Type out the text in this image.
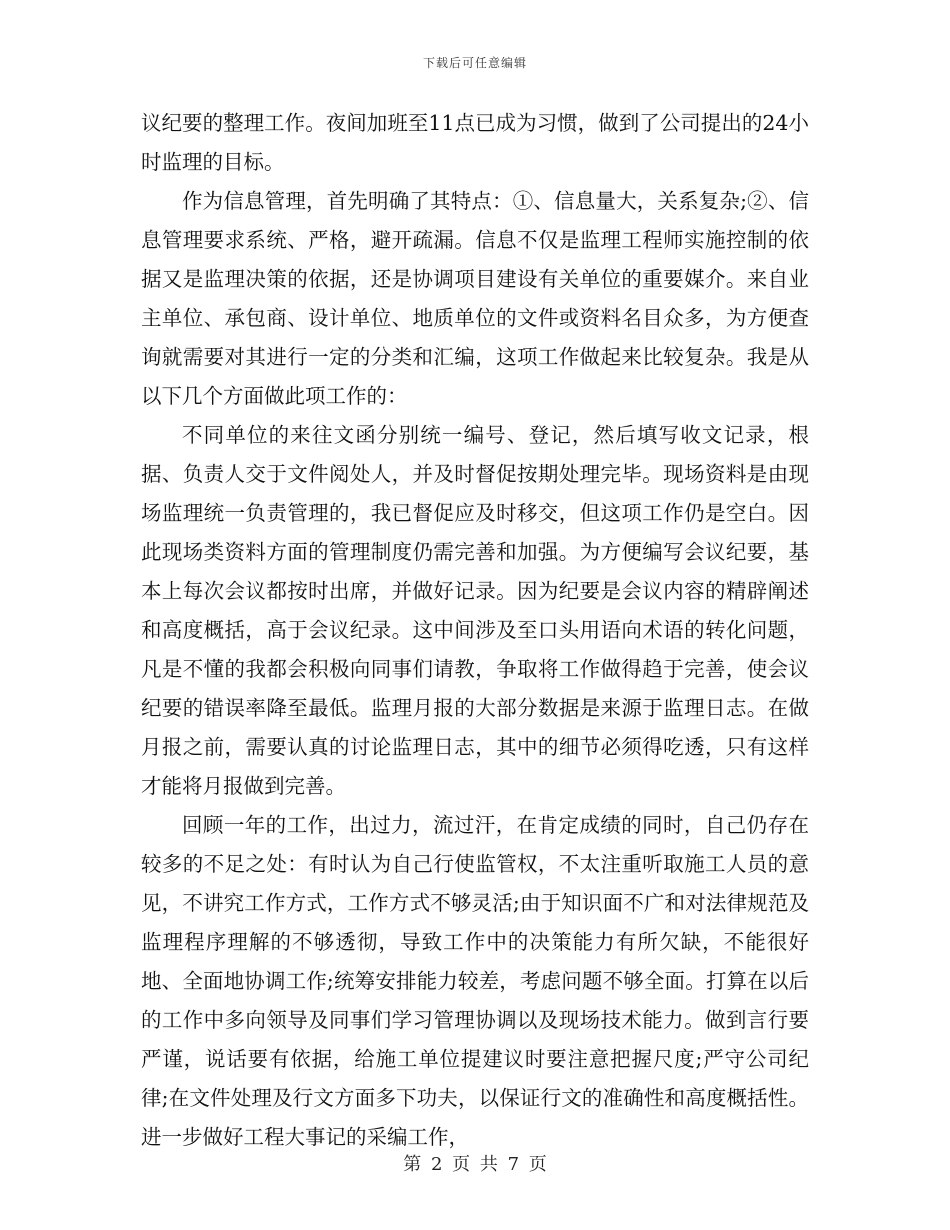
下载后可任意编辑

议纪要的整理工作。夜间加班至11点已成为习惯，做到了公司提出的24小时监理的目标。

作为信息管理，首先明确了其特点：①、信息量大，关系复杂;②、信息管理要求系统、严格，避开疏漏。信息不仅是监理工程师实施控制的依据又是监理决策的依据，还是协调项目建设有关单位的重要媒介。来自业主单位、承包商、设计单位、地质单位的文件或资料名目众多，为方便查询就需要对其进行一定的分类和汇编，这项工作做起来比较复杂。我是从以下几个方面做此项工作的：

不同单位的来往文函分别统一编号、登记，然后填写收文记录，根据、负责人交于文件阅处人，并及时督促按期处理完毕。现场资料是由现场监理统一负责管理的，我已督促应及时移交，但这项工作仍是空白。因此现场类资料方面的管理制度仍需完善和加强。为方便编写会议纪要，基本上每次会议都按时出席，并做好记录。因为纪要是会议内容的精辟阐述和高度概括，高于会议纪录。这中间涉及至口头用语向术语的转化问题，凡是不懂的我都会积极向同事们请教，争取将工作做得趋于完善，使会议纪要的错误率降至最低。监理月报的大部分数据是来源于监理日志。在做月报之前，需要认真的讨论监理日志，其中的细节必须得吃透，只有这样才能将月报做到完善。

回顾一年的工作，出过力，流过汗，在肯定成绩的同时，自己仍存在较多的不足之处：有时认为自己行使监管权，不太注重听取施工人员的意见，不讲究工作方式，工作方式不够灵活;由于知识面不广和对法律规范及监理程序理解的不够透彻，导致工作中的决策能力有所欠缺，不能很好地、全面地协调工作;统筹安排能力较差，考虑问题不够全面。打算在以后的工作中多向领导及同事们学习管理协调以及现场技术能力。做到言行要严谨，说话要有依据，给施工单位提建议时要注意把握尺度;严守公司纪律;在文件处理及行文方面多下功夫，以保证行文的准确性和高度概括性。进一步做好工程大事记的采编工作，

第 2 页 共 7 页
